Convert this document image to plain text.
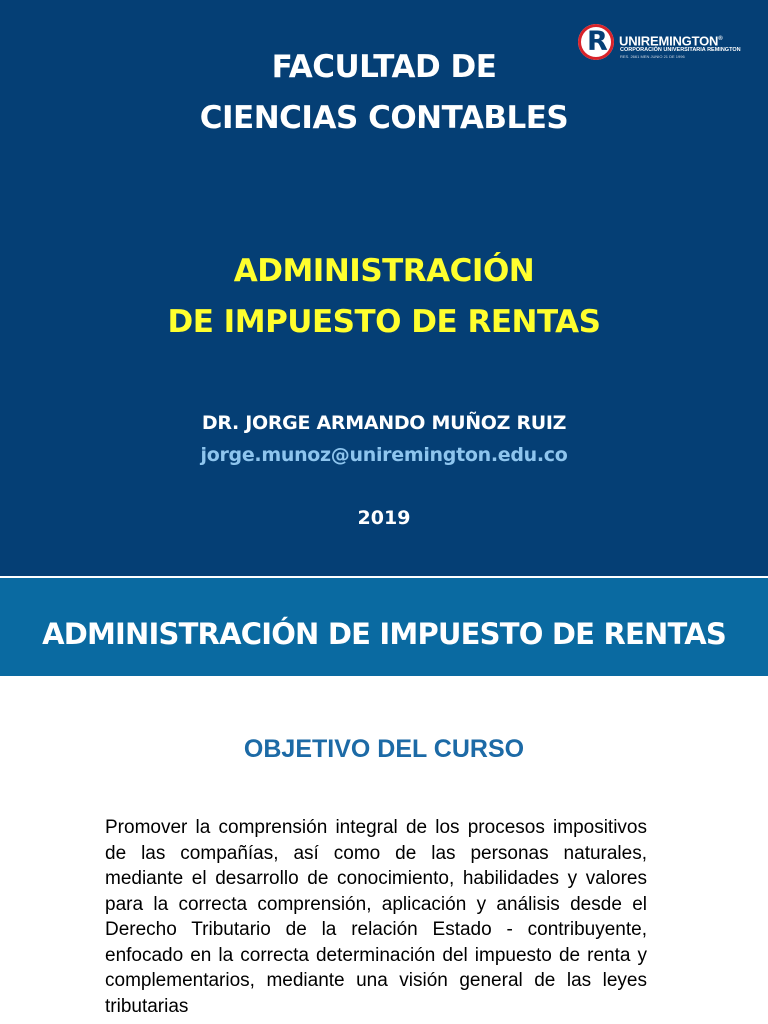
R UNIREMINGTON®
CORPORACIÓN UNIVERSITARIA REMINGTON
RES. 2661 MEN JUNIO 21 DE 1996
FACULTAD DE
CIENCIAS CONTABLES
ADMINISTRACIÓN
DE IMPUESTO DE RENTAS
DR. JORGE ARMANDO MUÑOZ RUIZ
jorge.munoz@uniremington.edu.co
2019
ADMINISTRACIÓN DE IMPUESTO DE RENTAS
OBJETIVO DEL CURSO
Promover la comprensión integral de los procesos impositivos de las compañías, así como de las personas naturales, mediante el desarrollo de conocimiento, habilidades y valores para la correcta comprensión, aplicación y análisis desde el Derecho Tributario de la relación Estado - contribuyente, enfocado en la correcta determinación del impuesto de renta y complementarios, mediante una visión general de las leyes tributarias
